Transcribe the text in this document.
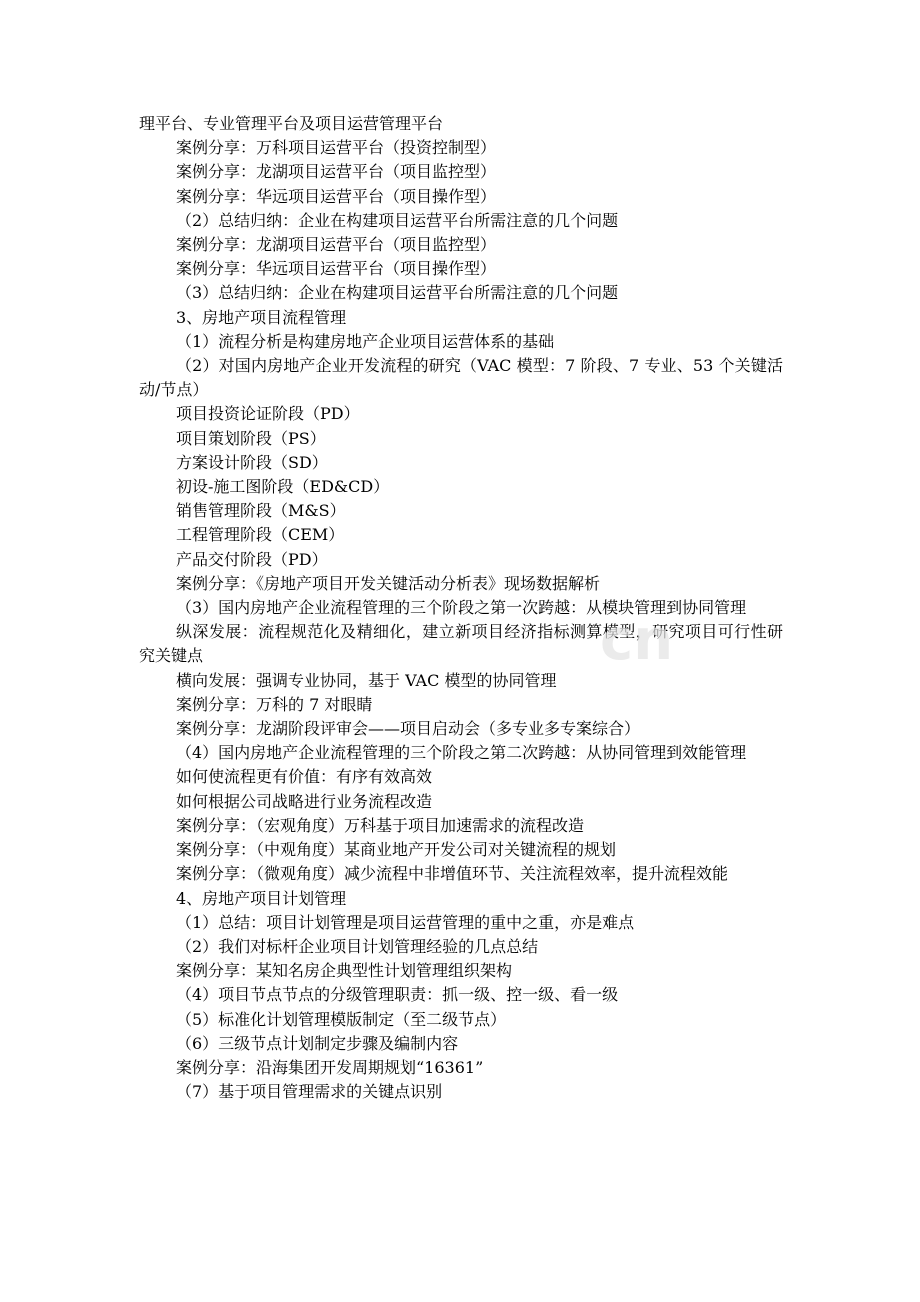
理平台、专业管理平台及项目运营管理平台
案例分享：万科项目运营平台（投资控制型）
案例分享：龙湖项目运营平台（项目监控型）
案例分享：华远项目运营平台（项目操作型）
（2）总结归纳：企业在构建项目运营平台所需注意的几个问题
案例分享：龙湖项目运营平台（项目监控型）
案例分享：华远项目运营平台（项目操作型）
（3）总结归纳：企业在构建项目运营平台所需注意的几个问题
3、房地产项目流程管理
（1）流程分析是构建房地产企业项目运营体系的基础
（2）对国内房地产企业开发流程的研究（VAC 模型：7 阶段、7 专业、53 个关键活动/节点）
项目投资论证阶段（PD）
项目策划阶段（PS）
方案设计阶段（SD）
初设-施工图阶段（ED&CD）
销售管理阶段（M&S）
工程管理阶段（CEM）
产品交付阶段（PD）
案例分享：《房地产项目开发关键活动分析表》现场数据解析
（3）国内房地产企业流程管理的三个阶段之第一次跨越：从模块管理到协同管理
纵深发展：流程规范化及精细化，建立新项目经济指标测算模型，研究项目可行性研究关键点
横向发展：强调专业协同，基于 VAC 模型的协同管理
案例分享：万科的 7 对眼睛
案例分享：龙湖阶段评审会——项目启动会（多专业多专案综合）
（4）国内房地产企业流程管理的三个阶段之第二次跨越：从协同管理到效能管理
如何使流程更有价值：有序有效高效
如何根据公司战略进行业务流程改造
案例分享：（宏观角度）万科基于项目加速需求的流程改造
案例分享：（中观角度）某商业地产开发公司对关键流程的规划
案例分享：（微观角度）减少流程中非增值环节、关注流程效率，提升流程效能
4、房地产项目计划管理
（1）总结：项目计划管理是项目运营管理的重中之重，亦是难点
（2）我们对标杆企业项目计划管理经验的几点总结
案例分享：某知名房企典型性计划管理组织架构
（4）项目节点节点的分级管理职责：抓一级、控一级、看一级
（5）标准化计划管理模版制定（至二级节点）
（6）三级节点计划制定步骤及编制内容
案例分享：沿海集团开发周期规划“16361”
（7）基于项目管理需求的关键点识别
cn
